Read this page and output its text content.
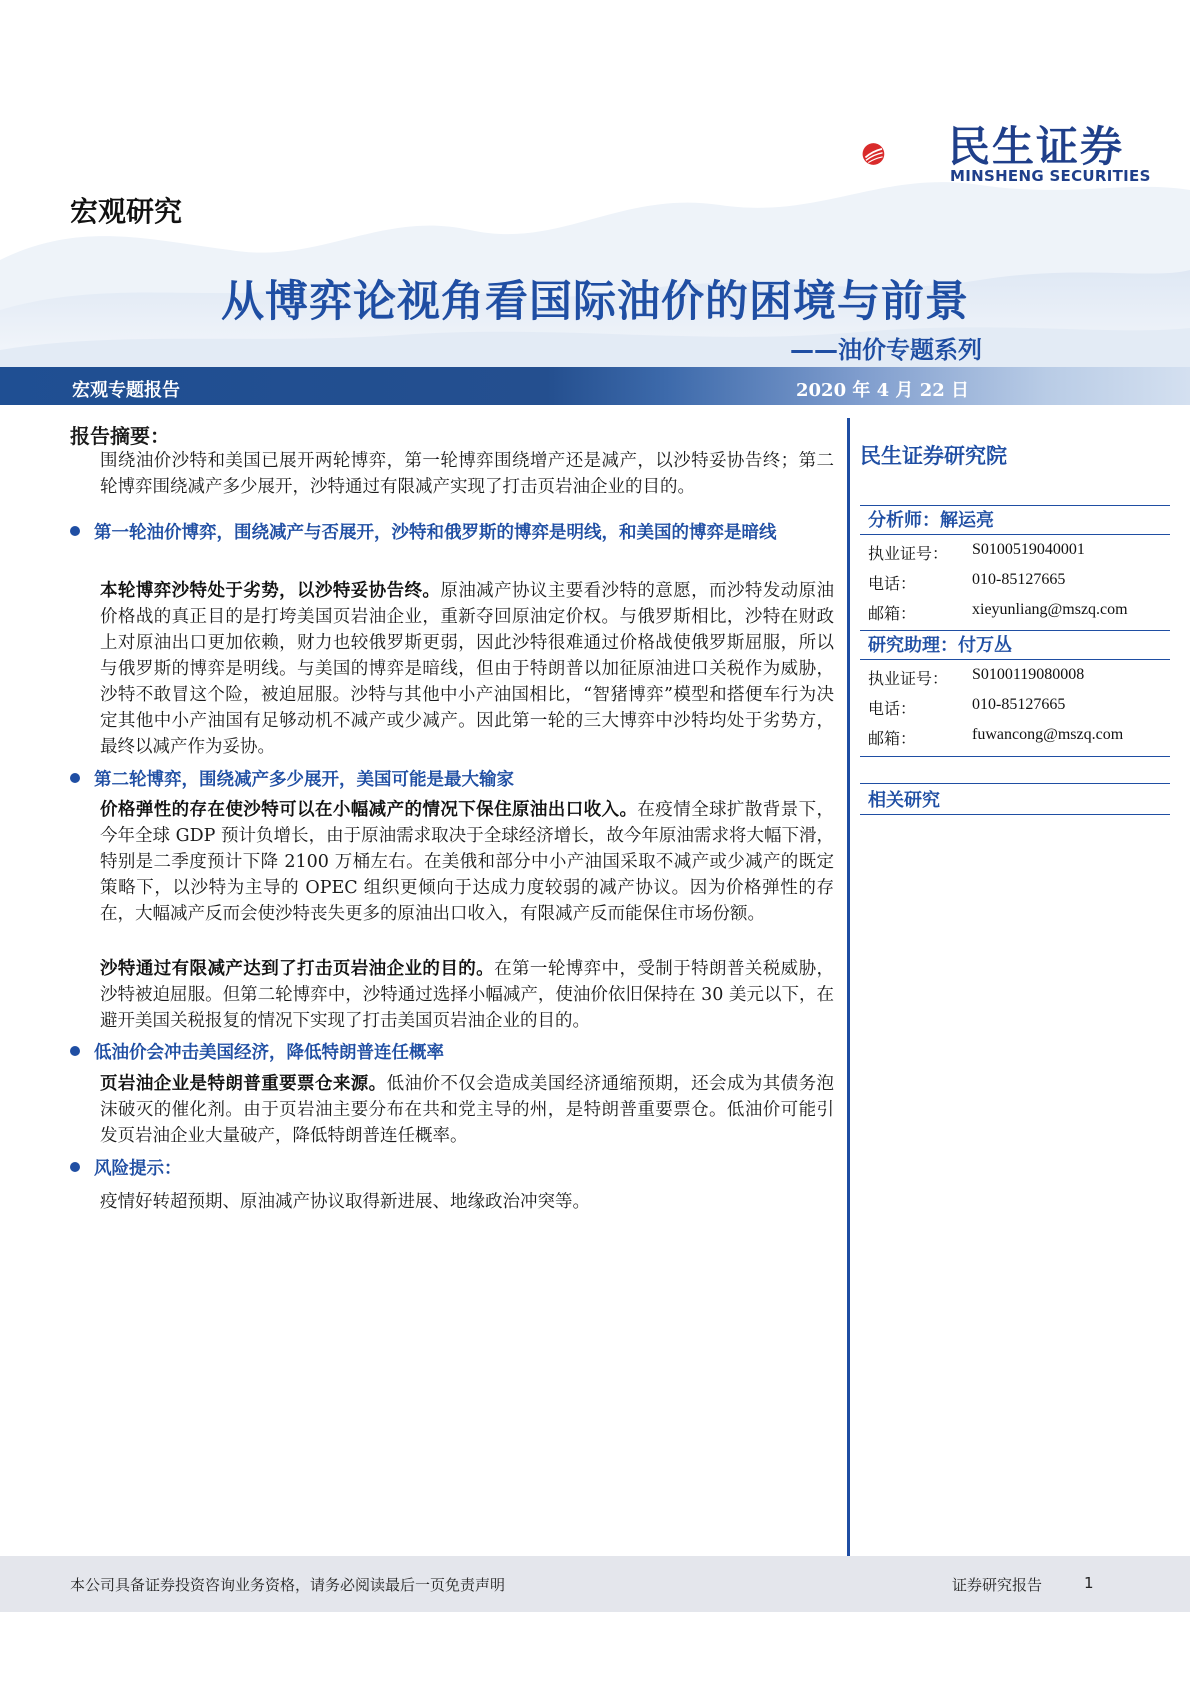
民生证券
MINSHENG SECURITIES
宏观研究
从博弈论视角看国际油价的困境与前景
——油价专题系列
宏观专题报告	2020 年 4 月 22 日
报告摘要：

围绕油价沙特和美国已展开两轮博弈，第一轮博弈围绕增产还是减产，以沙特妥协告终；第二轮博弈围绕减产多少展开，沙特通过有限减产实现了打击页岩油企业的目的。

第一轮油价博弈，围绕减产与否展开，沙特和俄罗斯的博弈是明线，和美国的博弈是暗线

本轮博弈沙特处于劣势，以沙特妥协告终。原油减产协议主要看沙特的意愿，而沙特发动原油价格战的真正目的是打垮美国页岩油企业，重新夺回原油定价权。与俄罗斯相比，沙特在财政上对原油出口更加依赖，财力也较俄罗斯更弱，因此沙特很难通过价格战使俄罗斯屈服，所以与俄罗斯的博弈是明线。与美国的博弈是暗线，但由于特朗普以加征原油进口关税作为威胁，沙特不敢冒这个险，被迫屈服。沙特与其他中小产油国相比，“智猪博弈”模型和搭便车行为决定其他中小产油国有足够动机不减产或少减产。因此第一轮的三大博弈中沙特均处于劣势方，最终以减产作为妥协。

第二轮博弈，围绕减产多少展开，美国可能是最大输家

价格弹性的存在使沙特可以在小幅减产的情况下保住原油出口收入。在疫情全球扩散背景下，今年全球 GDP 预计负增长，由于原油需求取决于全球经济增长，故今年原油需求将大幅下滑，特别是二季度预计下降 2100 万桶左右。在美俄和部分中小产油国采取不减产或少减产的既定策略下，以沙特为主导的 OPEC 组织更倾向于达成力度较弱的减产协议。因为价格弹性的存在，大幅减产反而会使沙特丧失更多的原油出口收入，有限减产反而能保住市场份额。

沙特通过有限减产达到了打击页岩油企业的目的。在第一轮博弈中，受制于特朗普关税威胁，沙特被迫屈服。但第二轮博弈中，沙特通过选择小幅减产，使油价依旧保持在 30 美元以下，在避开美国关税报复的情况下实现了打击美国页岩油企业的目的。

低油价会冲击美国经济，降低特朗普连任概率

页岩油企业是特朗普重要票仓来源。低油价不仅会造成美国经济通缩预期，还会成为其债务泡沫破灭的催化剂。由于页岩油主要分布在共和党主导的州，是特朗普重要票仓。低油价可能引发页岩油企业大量破产，降低特朗普连任概率。

风险提示：

疫情好转超预期、原油减产协议取得新进展、地缘政治冲突等。

民生证券研究院
分析师：解运亮
执业证号： S0100519040001
电话：	010-85127665
邮箱：	xieyunliang@mszq.com
研究助理：付万丛
执业证号： S0100119080008
电话：	010-85127665
邮箱：	fuwancong@mszq.com
相关研究
本公司具备证券投资咨询业务资格，请务必阅读最后一页免责声明	证券研究报告	1
